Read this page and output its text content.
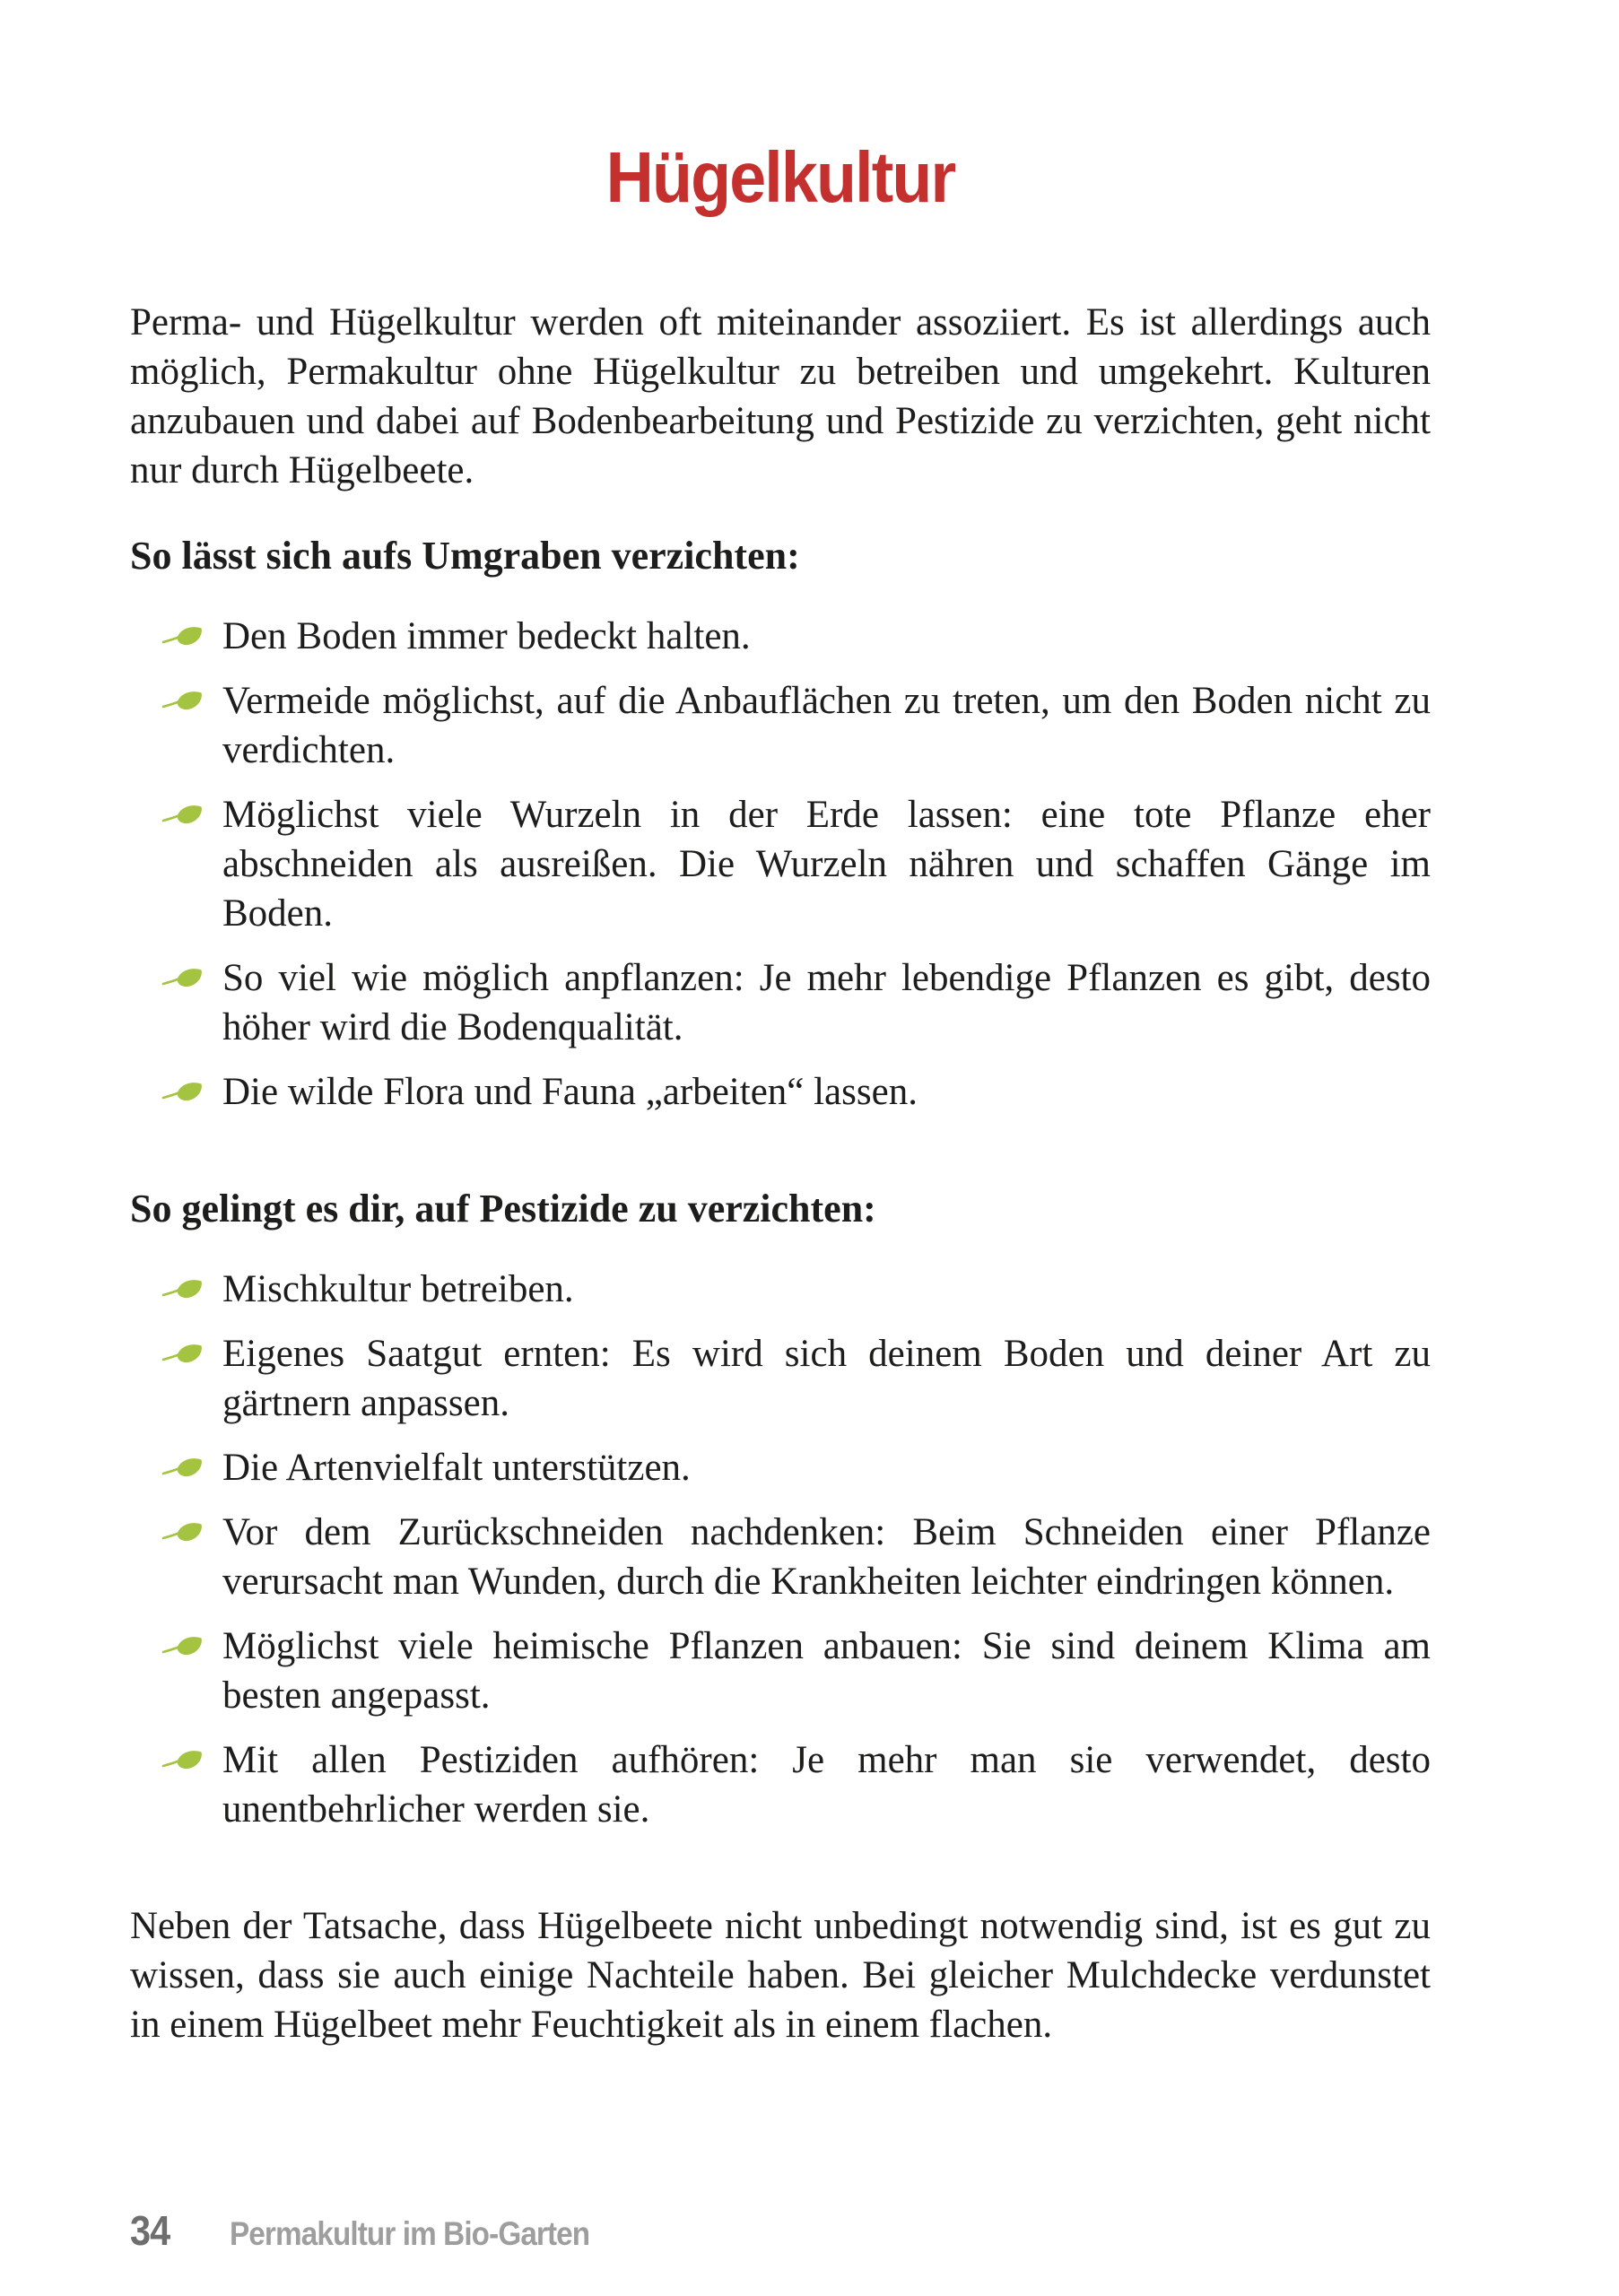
Hügelkultur

Perma- und Hügelkultur werden oft miteinander assoziiert. Es ist allerdings auch möglich, Permakultur ohne Hügelkultur zu betreiben und umgekehrt. Kulturen anzubauen und dabei auf Bodenbearbeitung und Pestizide zu verzichten, geht nicht nur durch Hügelbeete.

So lässt sich aufs Umgraben verzichten:
Den Boden immer bedeckt halten.
Vermeide möglichst, auf die Anbauflächen zu treten, um den Boden nicht zu verdichten.
Möglichst viele Wurzeln in der Erde lassen: eine tote Pflanze eher abschneiden als ausreißen. Die Wurzeln nähren und schaffen Gänge im Boden.
So viel wie möglich anpflanzen: Je mehr lebendige Pflanzen es gibt, desto höher wird die Bodenqualität.
Die wilde Flora und Fauna „arbeiten“ lassen.
So gelingt es dir, auf Pestizide zu verzichten:
Mischkultur betreiben.
Eigenes Saatgut ernten: Es wird sich deinem Boden und deiner Art zu gärtnern anpassen.
Die Artenvielfalt unterstützen.
Vor dem Zurückschneiden nachdenken: Beim Schneiden einer Pflanze verursacht man Wunden, durch die Krankheiten leichter eindringen können.
Möglichst viele heimische Pflanzen anbauen: Sie sind deinem Klima am besten angepasst.
Mit allen Pestiziden aufhören: Je mehr man sie verwendet, desto unentbehrlicher werden sie.

Neben der Tatsache, dass Hügelbeete nicht unbedingt notwendig sind, ist es gut zu wissen, dass sie auch einige Nachteile haben. Bei gleicher Mulchdecke verdunstet in einem Hügelbeet mehr Feuchtigkeit als in einem flachen.

34 Permakultur im Bio-Garten
